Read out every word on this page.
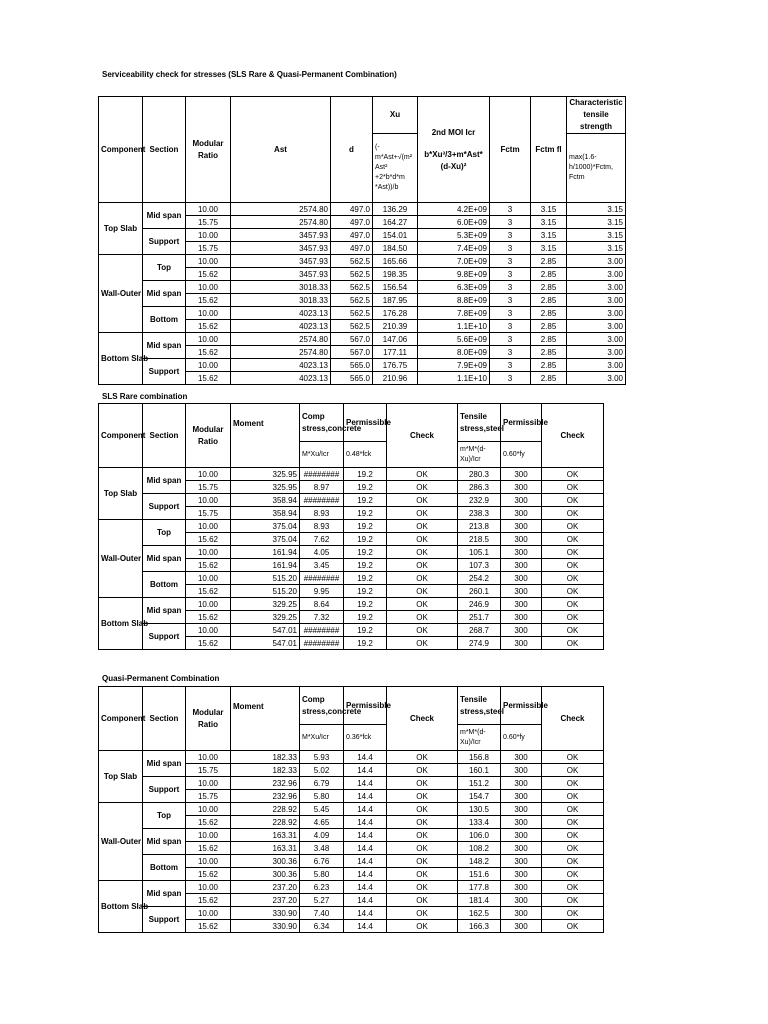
Serviceability check for stresses (SLS Rare & Quasi-Permanent Combination)
Component	Section	Modular Ratio	Ast	d	Xu	2nd MOI Icr
b*Xu³/3+m*Ast*(d-Xu)²	Fctm	Fctm fl	Characteristic tensile strength
					(-m*Ast+√(m² Ast² +2*b*d*m *Ast))/b				max(1.6-h/1000)*Fctm, Fctm
Top Slab	Mid span	10.00	2574.80	497.0	136.29	4.2E+09	3	3.15	3.15
		15.75	2574.80	497.0	164.27	6.0E+09	3	3.15	3.15
	Support	10.00	3457.93	497.0	154.01	5.3E+09	3	3.15	3.15
		15.75	3457.93	497.0	184.50	7.4E+09	3	3.15	3.15
Wall-Outer	Top	10.00	3457.93	562.5	165.66	7.0E+09	3	2.85	3.00
		15.62	3457.93	562.5	198.35	9.8E+09	3	2.85	3.00
	Mid span	10.00	3018.33	562.5	156.54	6.3E+09	3	2.85	3.00
		15.62	3018.33	562.5	187.95	8.8E+09	3	2.85	3.00
	Bottom	10.00	4023.13	562.5	176.28	7.8E+09	3	2.85	3.00
		15.62	4023.13	562.5	210.39	1.1E+10	3	2.85	3.00
Bottom Slab	Mid span	10.00	2574.80	567.0	147.06	5.6E+09	3	2.85	3.00
		15.62	2574.80	567.0	177.11	8.0E+09	3	2.85	3.00
	Support	10.00	4023.13	565.0	176.75	7.9E+09	3	2.85	3.00
		15.62	4023.13	565.0	210.96	1.1E+10	3	2.85	3.00
SLS Rare combination
Component	Section	Modular Ratio	Moment	Comp stress,concrete	Permissible	Check	Tensile stress,steel	Permissible	Check
				M*Xu/Icr	0.48*fck		m*M*(d-Xu)/Icr	0.60*fy	
Top Slab	Mid span	10.00	325.95	########	19.2	OK	280.3	300	OK
		15.75	325.95	8.97	19.2	OK	286.3	300	OK
	Support	10.00	358.94	########	19.2	OK	232.9	300	OK
		15.75	358.94	8.93	19.2	OK	238.3	300	OK
Wall-Outer	Top	10.00	375.04	8.93	19.2	OK	213.8	300	OK
		15.62	375.04	7.62	19.2	OK	218.5	300	OK
	Mid span	10.00	161.94	4.05	19.2	OK	105.1	300	OK
		15.62	161.94	3.45	19.2	OK	107.3	300	OK
	Bottom	10.00	515.20	########	19.2	OK	254.2	300	OK
		15.62	515.20	9.95	19.2	OK	260.1	300	OK
Bottom Slab	Mid span	10.00	329.25	8.64	19.2	OK	246.9	300	OK
		15.62	329.25	7.32	19.2	OK	251.7	300	OK
	Support	10.00	547.01	########	19.2	OK	268.7	300	OK
		15.62	547.01	########	19.2	OK	274.9	300	OK
Quasi-Permanent Combination
Component	Section	Modular Ratio	Moment	Comp stress,concrete	Permissible	Check	Tensile stress,steel	Permissible	Check
				M*Xu/Icr	0.36*fck		m*M*(d-Xu)/Icr	0.60*fy	
Top Slab	Mid span	10.00	182.33	5.93	14.4	OK	156.8	300	OK
		15.75	182.33	5.02	14.4	OK	160.1	300	OK
	Support	10.00	232.96	6.79	14.4	OK	151.2	300	OK
		15.75	232.96	5.80	14.4	OK	154.7	300	OK
Wall-Outer	Top	10.00	228.92	5.45	14.4	OK	130.5	300	OK
		15.62	228.92	4.65	14.4	OK	133.4	300	OK
	Mid span	10.00	163.31	4.09	14.4	OK	106.0	300	OK
		15.62	163.31	3.48	14.4	OK	108.2	300	OK
	Bottom	10.00	300.36	6.76	14.4	OK	148.2	300	OK
		15.62	300.36	5.80	14.4	OK	151.6	300	OK
Bottom Slab	Mid span	10.00	237.20	6.23	14.4	OK	177.8	300	OK
		15.62	237.20	5.27	14.4	OK	181.4	300	OK
	Support	10.00	330.90	7.40	14.4	OK	162.5	300	OK
		15.62	330.90	6.34	14.4	OK	166.3	300	OK
